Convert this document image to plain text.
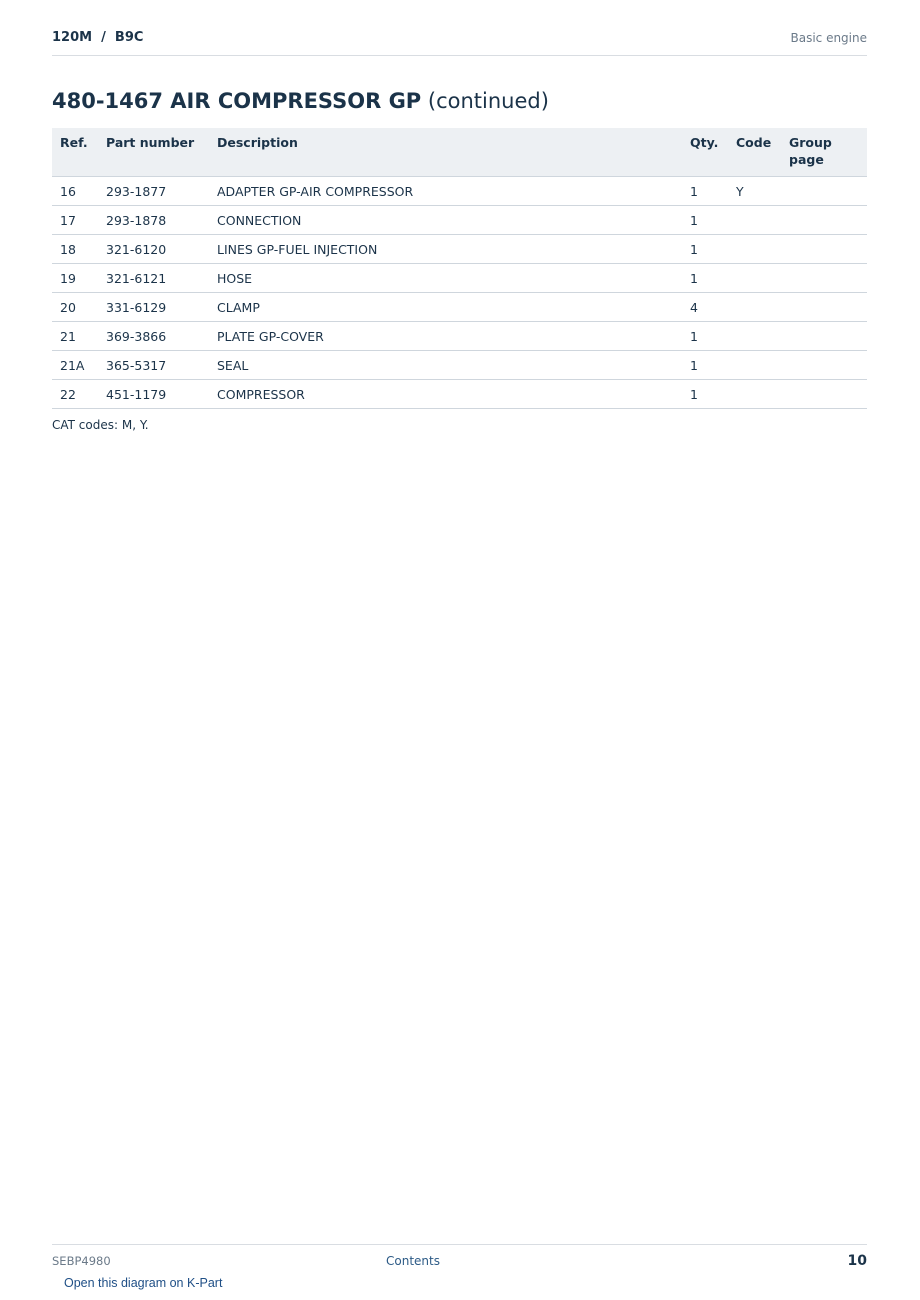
120M  /  B9C	Basic engine
480-1467 AIR COMPRESSOR GP (continued)
Ref.	Part number	Description	Qty.	Code	Group page
16	293-1877	ADAPTER GP-AIR COMPRESSOR	1	Y	
17	293-1878	CONNECTION	1		
18	321-6120	LINES GP-FUEL INJECTION	1		
19	321-6121	HOSE	1		
20	331-6129	CLAMP	4		
21	369-3866	PLATE GP-COVER	1		
21A	365-5317	SEAL	1		
22	451-1179	COMPRESSOR	1		
CAT codes: M, Y.
SEBP4980	Contents	10
Open this diagram on K-Part
